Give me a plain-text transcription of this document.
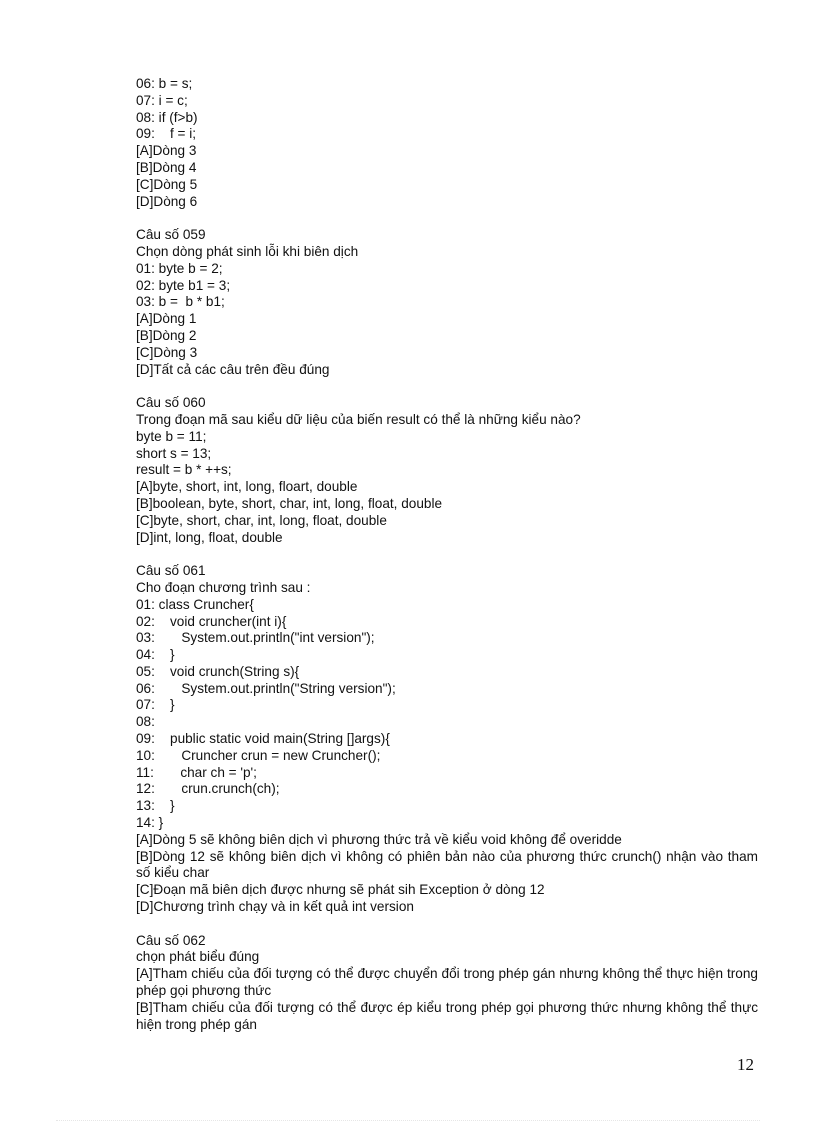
06: b = s;
07: i = c;
08: if (f>b)
09:    f = i;
[A]Dòng 3
[B]Dòng 4
[C]Dòng 5
[D]Dòng 6
Câu số 059
Chọn dòng phát sinh lỗi khi biên dịch
01: byte b = 2;
02: byte b1 = 3;
03: b =  b * b1;
[A]Dòng 1
[B]Dòng 2
[C]Dòng 3
[D]Tất cả các câu trên đều đúng
Câu số 060
Trong đoạn mã sau kiểu dữ liệu của biến result có thể là những kiểu nào?
byte b = 11;
short s = 13;
result = b * ++s;
[A]byte, short, int, long, floart, double
[B]boolean, byte, short, char, int, long, float, double
[C]byte, short, char, int, long, float, double
[D]int, long, float, double
Câu số 061
Cho đoạn chương trình sau :
01: class Cruncher{
02:    void cruncher(int i){
03:       System.out.println("int version");
04:    }
05:    void crunch(String s){
06:       System.out.println("String version");
07:    }
08:
09:    public static void main(String []args){
10:       Cruncher crun = new Cruncher();
11:       char ch = 'p';
12:       crun.crunch(ch);
13:    }
14: }
[A]Dòng 5 sẽ không biên dịch vì phương thức trả về kiểu void không để overidde
[B]Dòng 12 sẽ không biên dịch vì không có phiên bản nào của phương thức crunch() nhận vào tham số kiểu char
[C]Đoạn mã biên dịch được nhưng sẽ phát sih Exception ở dòng 12
[D]Chương trình chạy và in kết quả int version
Câu số 062
chọn phát biểu đúng
[A]Tham chiếu của đối tượng có thể được chuyển đổi trong phép gán nhưng không thể thực hiện trong phép gọi phương thức
[B]Tham chiếu của đối tượng có thể được ép kiểu trong phép gọi phương thức nhưng không thể thực hiện trong phép gán
12
